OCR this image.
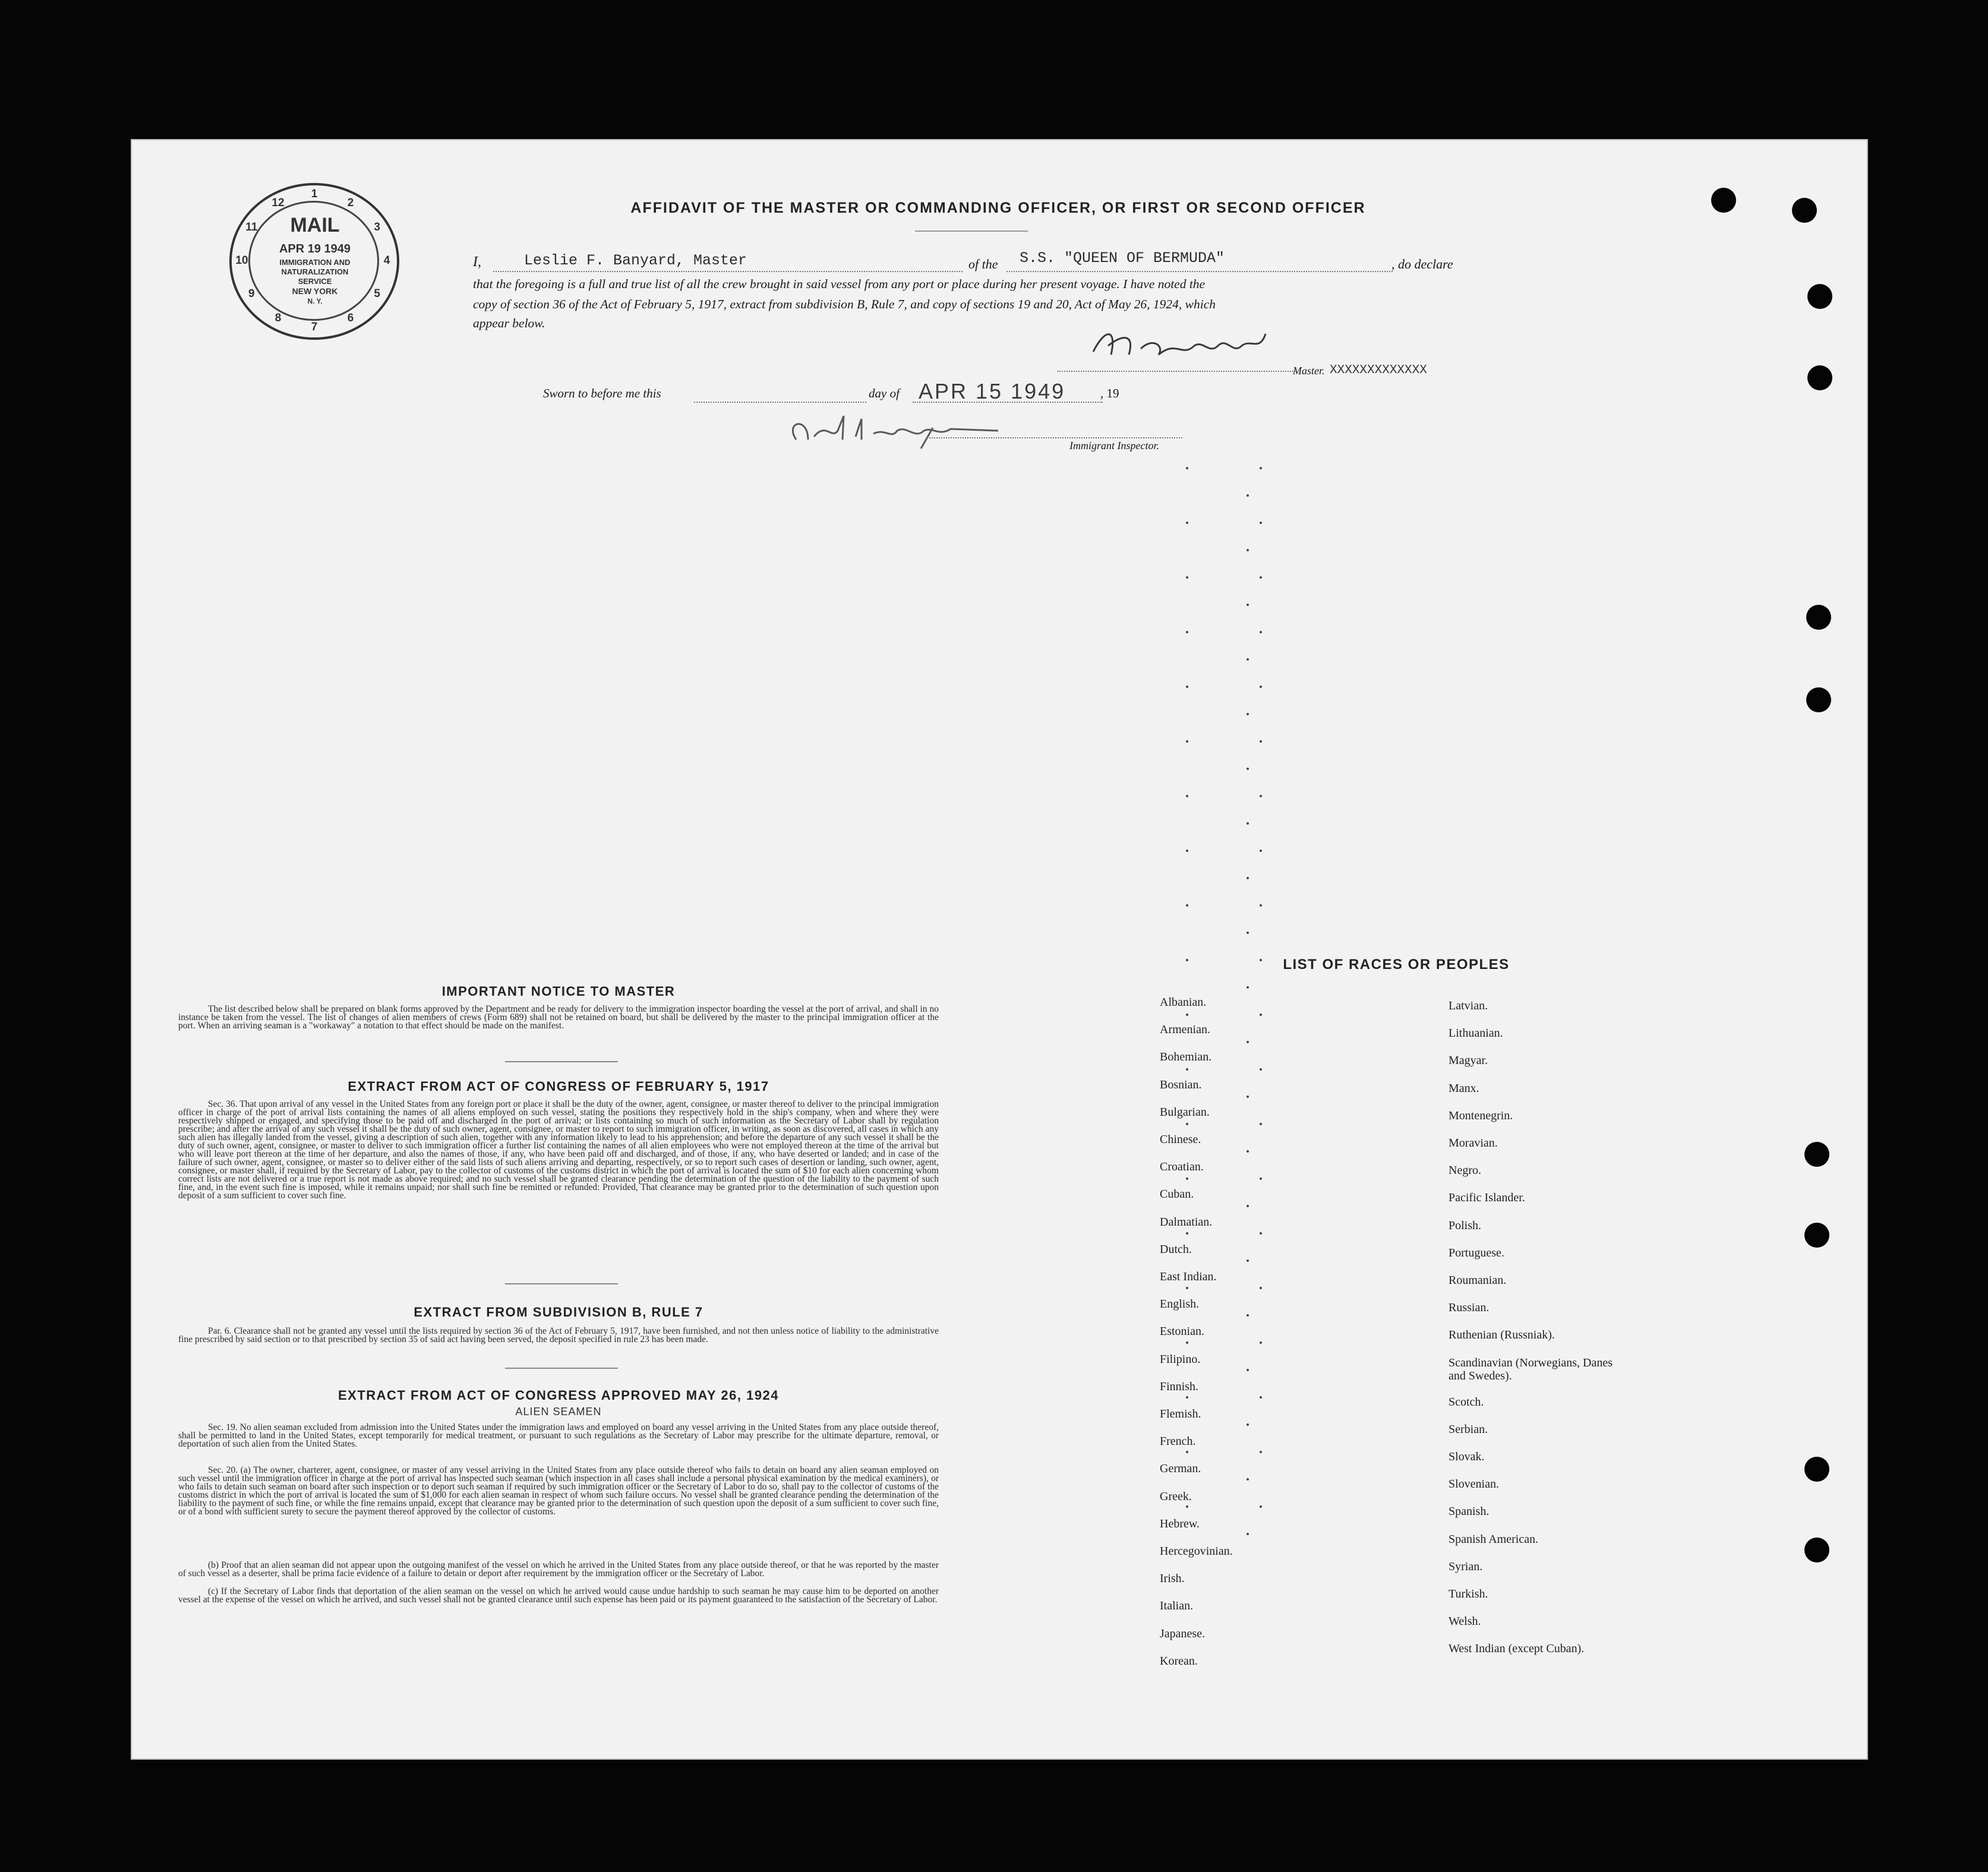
1
2
3
4
5
6
7
8
9
10
11
12
MAIL
APR 19 1949
IMMIGRATION AND
NATURALIZATION
SERVICE
NEW YORK
N. Y.
AFFIDAVIT OF THE MASTER OR COMMANDING OFFICER, OR FIRST OR SECOND OFFICER
I,	Leslie F. Banyard, Master	of the S.S. "QUEEN OF BERMUDA"	, do declare
that the foregoing is a full and true list of all the crew brought in said vessel from any port or place during her present voyage. I have noted the
copy of section 36 of the Act of February 5, 1917, extract from subdivision B, Rule 7, and copy of sections 19 and 20, Act of May 26, 1924, which
appear below.
Master. XXXXXXXXXXXXX
Sworn to before me this	day of APR 15 1949	, 19
Immigrant Inspector.
IMPORTANT NOTICE TO MASTER
The list described below shall be prepared on blank forms approved by the Department and be ready for delivery to the immigration inspector boarding the vessel at the port of arrival, and shall in no instance be taken from the vessel. The list of changes of alien members of crews (Form 689) shall not be retained on board, but shall be delivered by the master to the principal immigration officer at the port. When an arriving seaman is a "workaway" a notation to that effect should be made on the manifest.
EXTRACT FROM ACT OF CONGRESS OF FEBRUARY 5, 1917
Sec. 36. That upon arrival of any vessel in the United States from any foreign port or place it shall be the duty of the owner, agent, consignee, or master thereof to deliver to the principal immigration officer in charge of the port of arrival lists containing the names of all aliens employed on such vessel, stating the positions they respectively hold in the ship's company, when and where they were respectively shipped or engaged, and specifying those to be paid off and discharged in the port of arrival; or lists containing so much of such information as the Secretary of Labor shall by regulation prescribe; and after the arrival of any such vessel it shall be the duty of such owner, agent, consignee, or master to report to such immigration officer, in writing, as soon as discovered, all cases in which any such alien has illegally landed from the vessel, giving a description of such alien, together with any information likely to lead to his apprehension; and before the departure of any such vessel it shall be the duty of such owner, agent, consignee, or master to deliver to such immigration officer a further list containing the names of all alien employees who were not employed thereon at the time of the arrival but who will leave port thereon at the time of her departure, and also the names of those, if any, who have been paid off and discharged, and of those, if any, who have deserted or landed; and in case of the failure of such owner, agent, consignee, or master so to deliver either of the said lists of such aliens arriving and departing, respectively, or so to report such cases of desertion or landing, such owner, agent, consignee, or master shall, if required by the Secretary of Labor, pay to the collector of customs of the customs district in which the port of arrival is located the sum of $10 for each alien concerning whom correct lists are not delivered or a true report is not made as above required; and no such vessel shall be granted clearance pending the determination of the question of the liability to the payment of such fine, and, in the event such fine is imposed, while it remains unpaid; nor shall such fine be remitted or refunded: Provided, That clearance may be granted prior to the determination of such question upon deposit of a sum sufficient to cover such fine.
EXTRACT FROM SUBDIVISION B, RULE 7
Par. 6. Clearance shall not be granted any vessel until the lists required by section 36 of the Act of February 5, 1917, have been furnished, and not then unless notice of liability to the administrative fine prescribed by said section or to that prescribed by section 35 of said act having been served, the deposit specified in rule 23 has been made.
EXTRACT FROM ACT OF CONGRESS APPROVED MAY 26, 1924
ALIEN SEAMEN
Sec. 19. No alien seaman excluded from admission into the United States under the immigration laws and employed on board any vessel arriving in the United States from any place outside thereof, shall be permitted to land in the United States, except temporarily for medical treatment, or pursuant to such regulations as the Secretary of Labor may prescribe for the ultimate departure, removal, or deportation of such alien from the United States.
Sec. 20. (a) The owner, charterer, agent, consignee, or master of any vessel arriving in the United States from any place outside thereof who fails to detain on board any alien seaman employed on such vessel until the immigration officer in charge at the port of arrival has inspected such seaman (which inspection in all cases shall include a personal physical examination by the medical examiners), or who fails to detain such seaman on board after such inspection or to deport such seaman if required by such immigration officer or the Secretary of Labor to do so, shall pay to the collector of customs of the customs district in which the port of arrival is located the sum of $1,000 for each alien seaman in respect of whom such failure occurs. No vessel shall be granted clearance pending the determination of the liability to the payment of such fine, or while the fine remains unpaid, except that clearance may be granted prior to the determination of such question upon the deposit of a sum sufficient to cover such fine, or of a bond with sufficient surety to secure the payment thereof approved by the collector of customs.
(b) Proof that an alien seaman did not appear upon the outgoing manifest of the vessel on which he arrived in the United States from any place outside thereof, or that he was reported by the master of such vessel as a deserter, shall be prima facie evidence of a failure to detain or deport after requirement by the immigration officer or the Secretary of Labor.
(c) If the Secretary of Labor finds that deportation of the alien seaman on the vessel on which he arrived would cause undue hardship to such seaman he may cause him to be deported on another vessel at the expense of the vessel on which he arrived, and such vessel shall not be granted clearance until such expense has been paid or its payment guaranteed to the satisfaction of the Secretary of Labor.
LIST OF RACES OR PEOPLES
Albanian.
Armenian.
Bohemian.
Bosnian.
Bulgarian.
Chinese.
Croatian.
Cuban.
Dalmatian.
Dutch.
East Indian.
English.
Estonian.
Filipino.
Finnish.
Flemish.
French.
German.
Greek.
Hebrew.
Hercegovinian.
Irish.
Italian.
Japanese.
Korean.
Latvian.
Lithuanian.
Magyar.
Manx.
Montenegrin.
Moravian.
Negro.
Pacific Islander.
Polish.
Portuguese.
Roumanian.
Russian.
Ruthenian (Russniak).
Scandinavian (Norwegians, Danes and Swedes).
Scotch.
Serbian.
Slovak.
Slovenian.
Spanish.
Spanish American.
Syrian.
Turkish.
Welsh.
West Indian (except Cuban).
